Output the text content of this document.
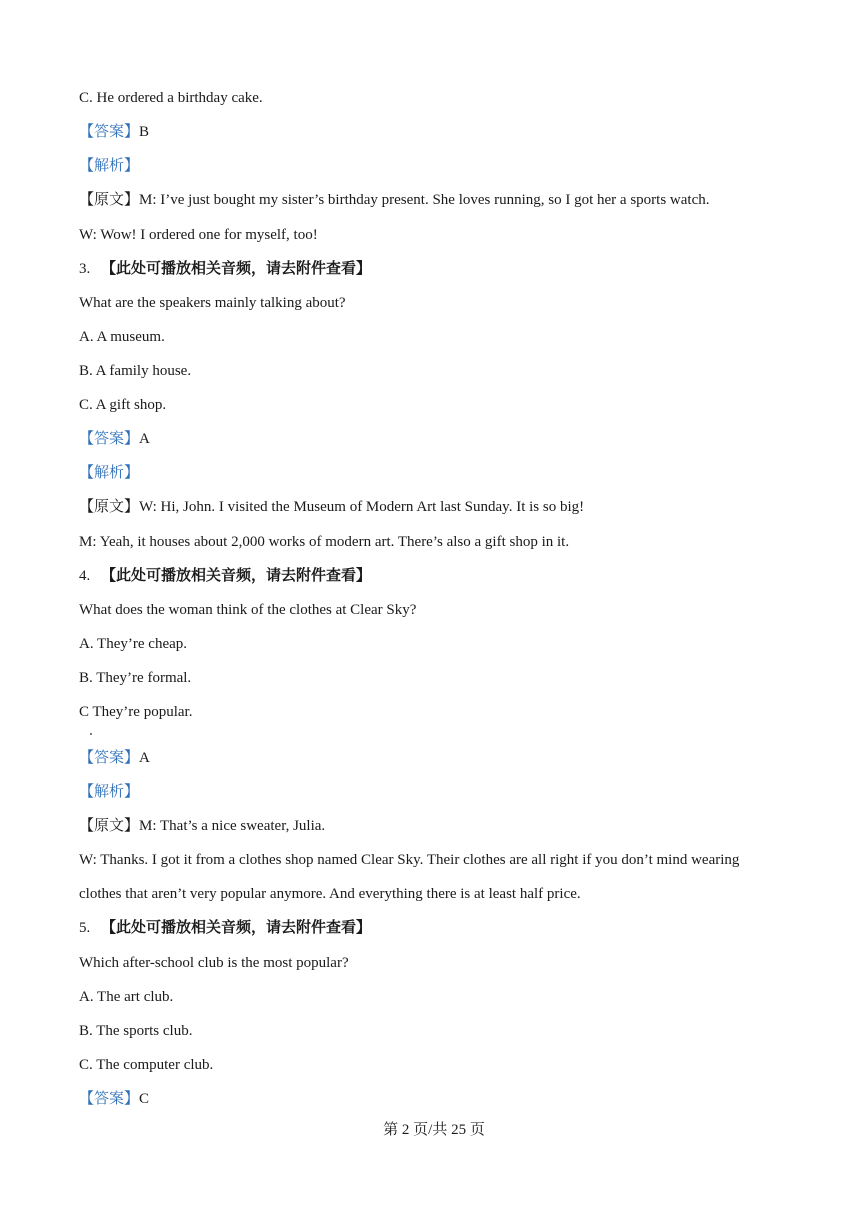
C. He ordered a birthday cake.
【答案】B
【解析】
【原文】M: I’ve just bought my sister’s birthday present. She loves running, so I got her a sports watch.
W: Wow! I ordered one for myself, too!
3. 【此处可播放相关音频，请去附件查看】
What are the speakers mainly talking about?
A. A museum.
B. A family house.
C. A gift shop.
【答案】A
【解析】
【原文】W: Hi, John. I visited the Museum of Modern Art last Sunday. It is so big!
M: Yeah, it houses about 2,000 works of modern art. There’s also a gift shop in it.
4. 【此处可播放相关音频，请去附件查看】
What does the woman think of the clothes at Clear Sky?
A. They’re cheap.
B. They’re formal.
C They’re popular.
【答案】A
【解析】
【原文】M: That’s a nice sweater, Julia.
W: Thanks. I got it from a clothes shop named Clear Sky. Their clothes are all right if you don’t mind wearing
clothes that aren’t very popular anymore. And everything there is at least half price.
5. 【此处可播放相关音频，请去附件查看】
Which after-school club is the most popular?
A. The art club.
B. The sports club.
C. The computer club.
【答案】C
第 2 页/共 25 页
